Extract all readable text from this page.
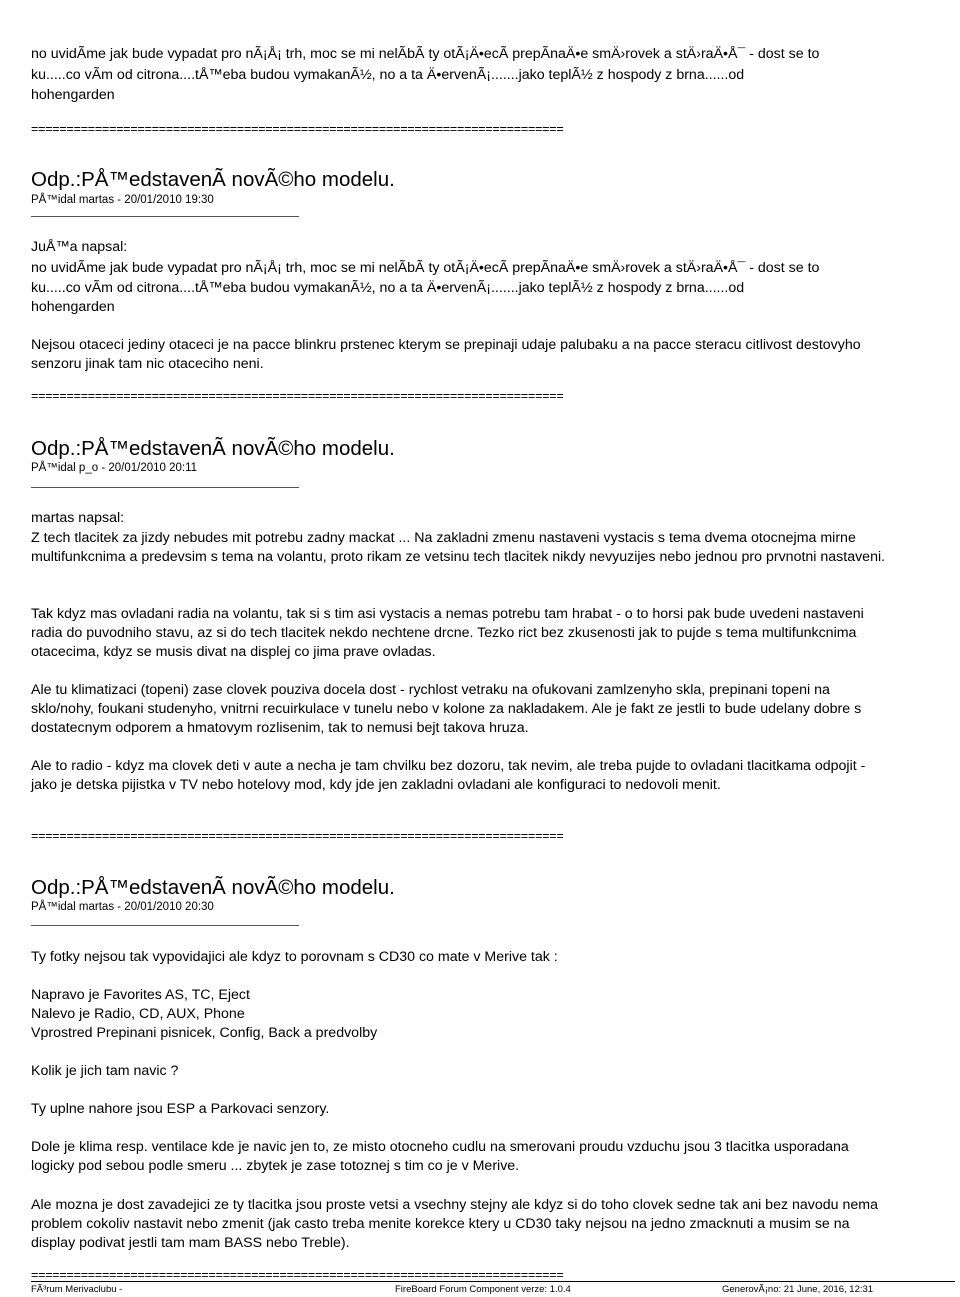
no uvidÃme jak bude vypadat pro nÃ¡Å¡ trh, moc se mi nelÃbÃ ty otÃ¡Ä•ecÃ prepÃnaÄ•e smÄ›rovek a stÄ›raÄ•Å¯ - dost se to
ku.....co vÃm od citrona....tÅ™eba budou vymakanÃ½, no a ta Ä•ervenÃ¡.......jako teplÃ½ z hospody z brna......od
hohengarden
===========================================================================
Odp.:PÅ™edstavenÃ novÃ©ho modelu.
PÅ™idal martas - 20/01/2010 19:30
JuÅ™a napsal:
no uvidÃme jak bude vypadat pro nÃ¡Å¡ trh, moc se mi nelÃbÃ ty otÃ¡Ä•ecÃ prepÃnaÄ•e smÄ›rovek a stÄ›raÄ•Å¯ - dost se to
ku.....co vÃm od citrona....tÅ™eba budou vymakanÃ½, no a ta Ä•ervenÃ¡.......jako teplÃ½ z hospody z brna......od
hohengarden

Nejsou otaceci jediny otaceci je na pacce blinkru prstenec kterym se prepinaji udaje palubaku a na pacce steracu citlivost destovyho senzoru jinak tam nic otaceciho neni.

===========================================================================
Odp.:PÅ™edstavenÃ novÃ©ho modelu.
PÅ™idal p_o - 20/01/2010 20:11
martas napsal:

Z tech tlacitek za jizdy nebudes mit potrebu zadny mackat ... Na zakladni zmenu nastaveni vystacis s tema dvema otocnejma mirne multifunkcnima a predevsim s tema na volantu, proto rikam ze vetsinu tech tlacitek nikdy nevyuzijes nebo jednou pro prvnotni nastaveni.

Tak kdyz mas ovladani radia na volantu, tak si s tim asi vystacis a nemas potrebu tam hrabat - o to horsi pak bude uvedeni nastaveni radia do puvodniho stavu, az si do tech tlacitek nekdo nechtene drcne. Tezko rict bez zkusenosti jak to pujde s tema multifunkcnima otacecima, kdyz se musis divat na displej co jima prave ovladas.

Ale tu klimatizaci (topeni) zase clovek pouziva docela dost - rychlost vetraku na ofukovani zamlzenyho skla, prepinani topeni na sklo/nohy, foukani studenyho, vnitrni recuirkulace v tunelu nebo v kolone za nakladakem. Ale je fakt ze jestli to bude udelany dobre s dostatecnym odporem a hmatovym rozlisenim, tak to nemusi bejt takova hruza.

Ale to radio - kdyz ma clovek deti v aute a necha je tam chvilku bez dozoru, tak nevim, ale treba pujde to ovladani tlacitkama odpojit - jako je detska pijistka v TV nebo hotelovy mod, kdy jde jen zakladni ovladani ale konfiguraci to nedovoli menit.

===========================================================================
Odp.:PÅ™edstavenÃ novÃ©ho modelu.
PÅ™idal martas - 20/01/2010 20:30
Ty fotky nejsou tak vypovidajici ale kdyz to porovnam s CD30 co mate v Merive tak :
Napravo je Favorites AS, TC, Eject
Nalevo je Radio, CD, AUX, Phone
Vprostred Prepinani pisnicek, Config, Back a predvolby
Kolik je jich tam navic ?
Ty uplne nahore jsou ESP a Parkovaci senzory.

Dole je klima resp. ventilace kde je navic jen to, ze misto otocneho cudlu na smerovani proudu vzduchu jsou 3 tlacitka usporadana logicky pod sebou podle smeru ... zbytek je zase totoznej s tim co je v Merive.

Ale mozna je dost zavadejici ze ty tlacitka jsou proste vetsi a vsechny stejny ale kdyz si do toho clovek sedne tak ani bez navodu nema problem cokoliv nastavit nebo zmenit (jak casto treba menite korekce ktery u CD30 taky nejsou na jedno zmacknuti a musim se na display podivat jestli tam mam BASS nebo Treble).

===========================================================================
FÃ³rum Merivaclubu -	FireBoard Forum Component verze: 1.0.4	GenerovÃ¡no: 21 June, 2016, 12:31
